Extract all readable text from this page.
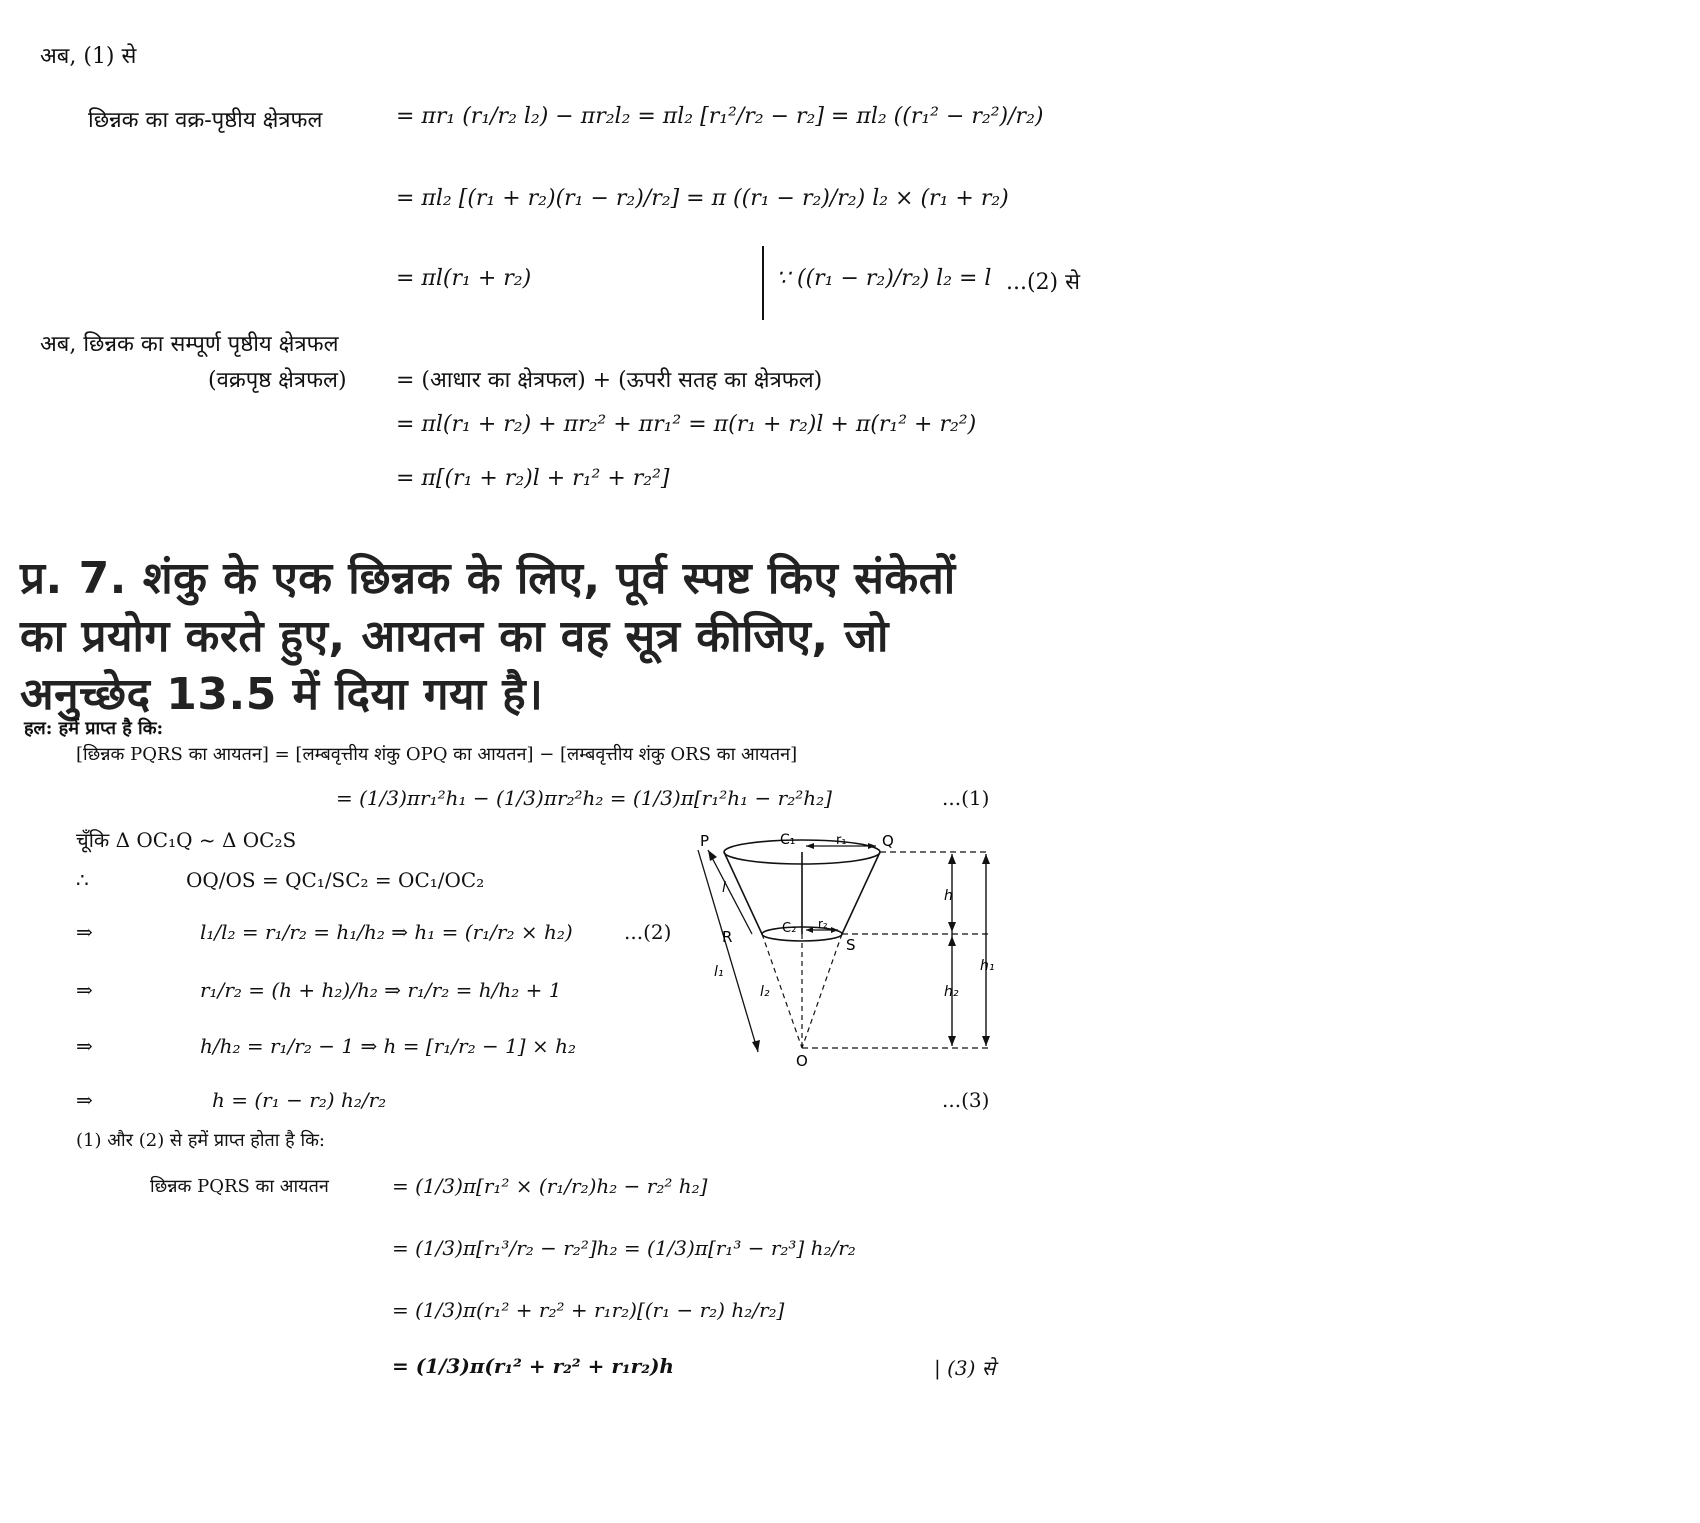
अब, (1) से
छिन्नक का वक्र-पृष्ठीय क्षेत्रफल	= πr₁ (r₁/r₂ l₂) − πr₂l₂ = πl₂ [r₁²/r₂ − r₂] = πl₂ ((r₁² − r₂²)/r₂)
= πl₂ [(r₁ + r₂)(r₁ − r₂)/r₂] = π ((r₁ − r₂)/r₂) l₂ × (r₁ + r₂)
= πl(r₁ + r₂)	∵ ((r₁ − r₂)/r₂) l₂ = l ...(2) से
अब, छिन्नक का सम्पूर्ण पृष्ठीय क्षेत्रफल
(वक्रपृष्ठ क्षेत्रफल) = (आधार का क्षेत्रफल) + (ऊपरी सतह का क्षेत्रफल)
= πl(r₁ + r₂) + πr₂² + πr₁² = π(r₁ + r₂)l + π(r₁² + r₂²)
= π[(r₁ + r₂)l + r₁² + r₂²]
प्र. 7. शंकु के एक छिन्नक के लिए, पूर्व स्पष्ट किए संकेतों
का प्रयोग करते हुए, आयतन का वह सूत्र कीजिए, जो
अनुच्छेद 13.5 में दिया गया है।
हल: हमें प्राप्त है कि:
[छिन्नक PQRS का आयतन] = [लम्बवृत्तीय शंकु OPQ का आयतन] − [लम्बवृत्तीय शंकु ORS का आयतन]
= (1/3)πr₁²h₁ − (1/3)πr₂²h₂ = (1/3)π[r₁²h₁ − r₂²h₂]	...(1)
चूँकि Δ OC₁Q ~ Δ OC₂S
∴	OQ/OS = QC₁/SC₂ = OC₁/OC₂
⇒	l₁/l₂ = r₁/r₂ = h₁/h₂ ⇒ h₁ = (r₁/r₂ × h₂)	...(2)
⇒	r₁/r₂ = (h + h₂)/h₂ ⇒ r₁/r₂ = h/h₂ + 1
⇒	h/h₂ = r₁/r₂ − 1 ⇒ h = [r₁/r₂ − 1] × h₂
⇒	h = (r₁ − r₂) h₂/r₂	...(3)
(1) और (2) से हमें प्राप्त होता है कि:
छिन्नक PQRS का आयतन	= (1/3)π[r₁² × (r₁/r₂)h₂ − r₂² h₂]
= (1/3)π[r₁³/r₂ − r₂²]h₂ = (1/3)π[r₁³ − r₂³] h₂/r₂
= (1/3)π(r₁² + r₂² + r₁r₂)[(r₁ − r₂) h₂/r₂]
= (1/3)π(r₁² + r₂² + r₁r₂)h	| (3) से
P	Q
C₁	r₁
R	S
C₂ r₂
O
l
l₁
l₂
h
h₂
h₁
